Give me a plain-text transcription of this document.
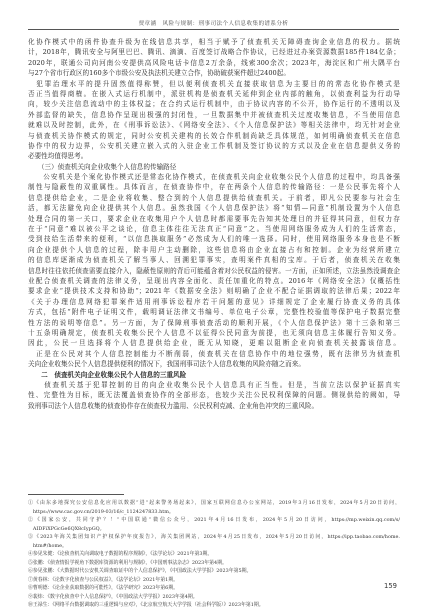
贾章涵　风险与规制：刑事司法个人信息收集的谱系分析
化协作模式中的函件协查升级为在线信息共享，相当于赋予了侦查机关无障碍查询企业信息的权力。据统
计，2018年，腾讯安全与阿里巴巴、腾讯、滴滴、百度签订战略合作协议，已经进过办案资源数据185件184亿条；
2020年，联通公司向河南公安提供高风险电话卡信息2万余条，线索300余次；2023年，海淀区和广州大隅平台
与27个省市行政区的160多个市级公安及执法机关建立合作，协助破获案件超过2400起。
　犯罪治理水平的提升固然值得称赞，但以便利侦查机关直接获取信息为主要目的的常态化协作模式是
否正当值得商榷。在嵌入式运行机制中，派驻机构是侦查机关延伸到企业内部的触角，以侦查利益为行动导
向，较少关注信息流动中的主体权益；在合约式运行机制中，由于协议内容的不公开，协作运行的不透明以及
外部监督的缺失，信息协作呈现出极强的封闭性，一旦数据集中并被侦查机关过度收集信息，不当使用信息
就难以及时控制，此外，在《刑事诉讼法》、《网络安全法》、《个人信息保护法》等相关法律中，均无针对企业
与侦查机关协作模式的规定，同时公安机关建构的长效合作机制尚缺乏具体规范，如何明确侦查机关在信息
协作中的权力边界，公安机关建立嵌入式的入驻企业工作机制及签订协议的方式以及企业在信息提供义务的
必要性均值得思考。
　　（三）侦查机关向企业收集个人信息的传输路径
　　公安机关是个案化协作模式还是常态化协作模式，在侦查机关向企业收集公民个人信息的过程中，均具备强
制性与隐蔽性的双重属性。具体而言，在侦查协作中，存在两条个人信息的传输路径：一是公民事先将个人
信息提供给企业，二是企业将收集、整合到的个人信息提供给侦查机关。于前者，即凡公民要参与社会生
活，都无法避免向企业提供其个人信息。虽然我国《个人信息保护法》将“知情—同意”机制设置为个人信息
处理合同的第一关口，要求企业在收集用户个人信息时都需要事先告知其处理目的并征得其同意，但权力存
在于“同意”难以被公平之谈论，信息主体往往无法真正“同意”之。当使用网络服务成为人们的生活常态，
受到技给生活带来的便利，“以信息换取服务”必然成为人们的唯一选择。同时，使用网络服务本身也是不断
向企业提供个人信息的过程，除非用户主动删除，这些信息将由企业直接占有和控制。企业为经营所建立
的信息库逐渐成为侦查机关了解当事人、回溯犯罪事实，查明案件真相的宝库。于后者，侦查机关在收集
信息时往往依托侦查需要直接介入，隐蔽性原则的背后可能蕴含着对公民权益的侵害。一方面，正如所述，立法虽然没调查企
业配合侦查机关调查的法律义务，呈现出内容全面化、责任加重化的特点。2016年《网络安全法》仅概括性
要求企业“提供技术支持和协助”；2021年《数据安全法》则明确了企业不配合证据调取的法律后果；2022年
《关于办理信息网络犯罪案件适用刑事诉讼程序若干问题的意见》详细规定了企业履行协查义务的具体
方式，包括“附件电子证明文件，载明调证法律文书编号、单位电子公章，完整性校验值等保护电子数据完整
性方法的说明等信息”。另一方面，为了保障刑事侦查活动的顺利开展，《个人信息保护法》第十三条和第三
十五条明确规定，侦查机关收集公民个人信息不以征得公民同意为前提，也无须向信息主体履行告知义务。
因此，公民一旦选择将个人信息提供给企业，既无从知晓，更难以阻断企业向侦查机关披露该信息。
　正是在公民对其个人信息控制能力不断削弱，侦查机关在信息协作中的地位强势，既有法律另为侦查机
关向企业收集公民个人信息提供便利的情况下，我国刑事司法个人信息收集的风险亦随之而来。
　　二　侦查机关向企业收集公民个人信息的三重风险
　　侦查机关基于犯罪控制的目的向企业收集公民个人信息具有正当性。但是，当前立法以保护证据真实
性、完整性为目标，既无法覆盖侦查协作的全部形态，也较少关注公民权利保障的问题。侧视供给的阙如，导
致刑事司法个人信息收集的侦查协作存在侦查权力滥用、公民权利克减、企业角色冲突的三重风险。
①《由东多地探究公安信息化应用以数据”进“起来警务场起来》，国家互联网信息办公室网站，2019年3月16日发布，2024年5月20日访问，
　https://www.cac.gov.cn/2019-03/16/c_1124247833.htm。
②《国家公安，共同守护？！”中国联通”微信公众号，2021年4月16日发布，2024年5月20日访问，https://mp.weixin.qq.com/s/
　AIDFiXPGcGe6QX8cIypGQ。
③《2023年海关集团知识产护权保护年度报告》，海关集团网站，2024年4月25日发布，2024年5月20日访问，https://ipp.taobao.com/home.
　htm#/home。
④参见朱健：《论侦查机关向调取电子数据的程序规制》，《法学论坛》2021年第3期。
⑤张鹏：《侦查情报学视角下数据库资源的利用与规制》，《中国刑事法杂志》2023年第4期。
⑥参见张鹏：《大数据时代公安机关调查取证中的个人信息保护》，《中国政法大学学报》2023年第5期。
⑦黄春林：《论数字化侦查与公民权益》，《法学论坛》2021年第1期。
⑧曹明德：《论企业获取数据的可能性》，《法学研究》2023年第6期。
⑨裴炜：《数字化侦查中个人信息保护》，《中国政法大学学报》2023年第4期。
⑩王禄生：《网络平台数据调取的三重逻辑与应对》，《北京航空航天大学学报（社会科学版）》2023年第1期。
159
